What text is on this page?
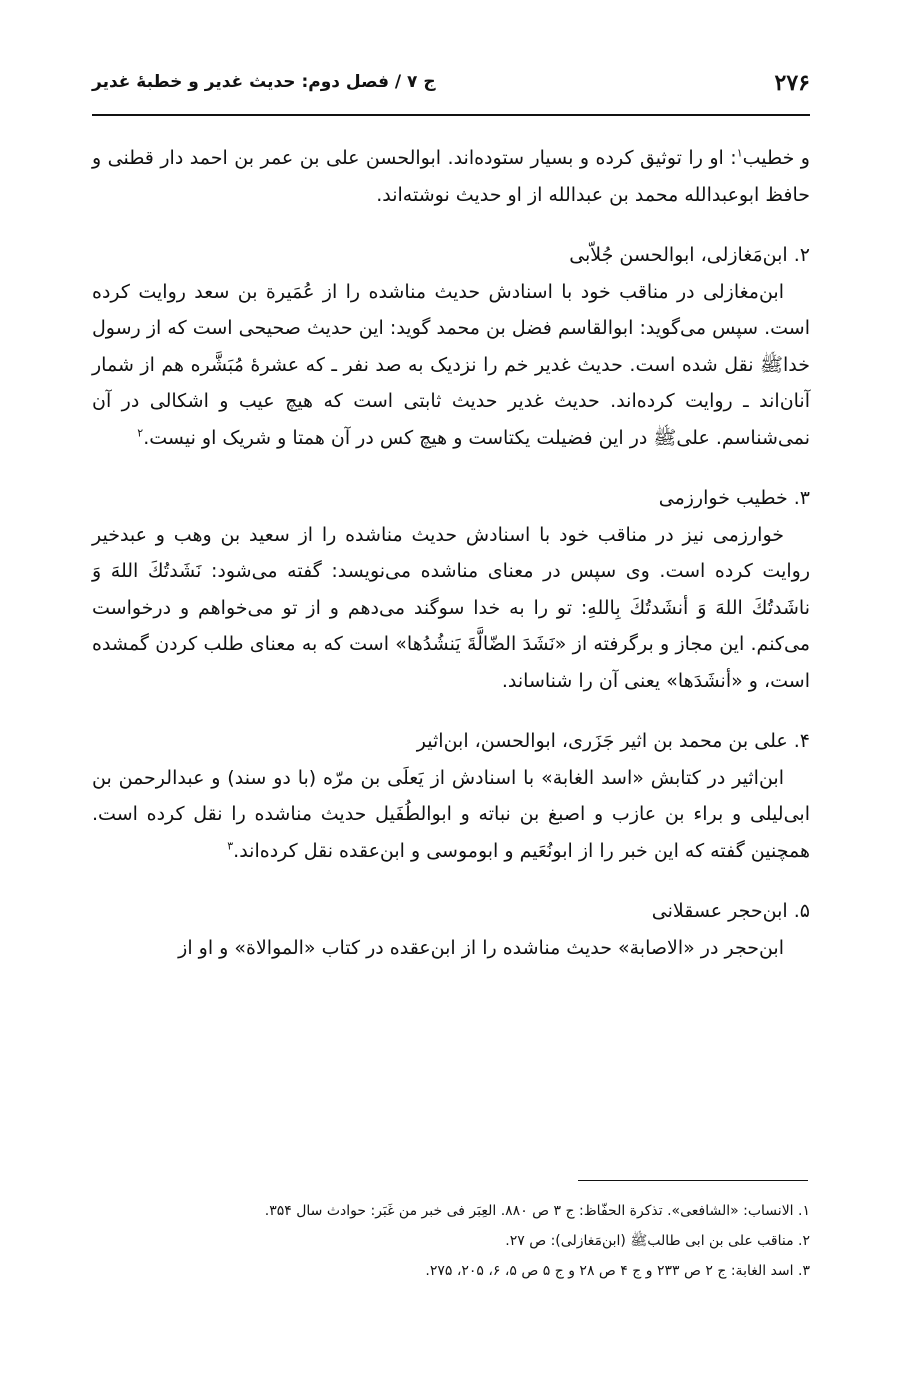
۲۷۶
ج ۷ / فصل دوم: حدیث غدیر و خطبهٔ غدیر

و خطیب$^۱$: او را توثیق کرده و بسیار ستوده‌اند. ابوالحسن علی بن عمر بن احمد دار قطنی و حافظ ابوعبدالله محمد بن عبدالله از او حدیث نوشته‌اند.

۲. ابن‌مَغازلی، ابوالحسن جُلاّبی

ابن‌مغازلی در مناقب خود با اسنادش حدیث مناشده را از عُمَیرة بن سعد روایت کرده است. سپس می‌گوید: ابوالقاسم فضل بن محمد گوید: این حدیث صحیحی است که از رسول خدا‌ﷺ نقل شده است. حدیث غدیر خم را نزدیک به صد نفر ـ که عشرهٔ مُبَشَّره هم از شمار آنان‌اند ـ روایت کرده‌اند. حدیث غدیر حدیث ثابتی است که هیچ عیب و اشکالی در آن نمی‌شناسم. علی‌ﷺ در این فضیلت یکتاست و هیچ کس در آن همتا و شریک او نیست.$^۲$

۳. خطیب خوارزمی

خوارزمی نیز در مناقب خود با اسنادش حدیث مناشده را از سعید بن وهب و عبدخیر روایت کرده است. وی سپس در معنای مناشده می‌نویسد: گفته می‌شود: نَشَدتُكَ اللهَ وَ ناشَدتُكَ اللهَ وَ أنشَدتُكَ بِاللهِ: تو را به خدا سوگند می‌دهم و از تو می‌خواهم و درخواست می‌کنم. این مجاز و برگرفته از «نَشَدَ الضّالَّةَ یَنشُدُها» است که به معنای طلب کردن گمشده است، و «أنشَدَها» یعنی آن را شناساند.

۴. علی بن محمد بن اثیر جَزَری، ابوالحسن، ابن‌اثیر

ابن‌اثیر در کتابش «اسد الغابة» با اسنادش از یَعلَی بن مرّه (با دو سند) و عبدالرحمن بن ابی‌لیلی و براء بن عازب و اصبغ بن نباته و ابوالطُفَیل حدیث مناشده را نقل کرده است. همچنین گفته که این خبر را از ابونُعَیم و ابوموسی و ابن‌عقده نقل کرده‌اند.$^۳$

۵. ابن‌حجر عسقلانی

ابن‌حجر در «الاصابة» حدیث مناشده را از ابن‌عقده در کتاب «الموالاة» و او از

۱. الانساب: «الشافعی». تذکرة الحفّاظ: ج ۳ ص ۸۸۰. العِبَر فی خبر من غَبَر: حوادث سال ۳۵۴.
۲. مناقب علی بن ابی طالب‌ﷺ (ابن‌مَغازلی): ص ۲۷.
۳. اسد الغابة: ج ۲ ص ۲۳۳ و ج ۴ ص ۲۸ و ج ۵ ص ۵، ۶، ۲۰۵، ۲۷۵.
